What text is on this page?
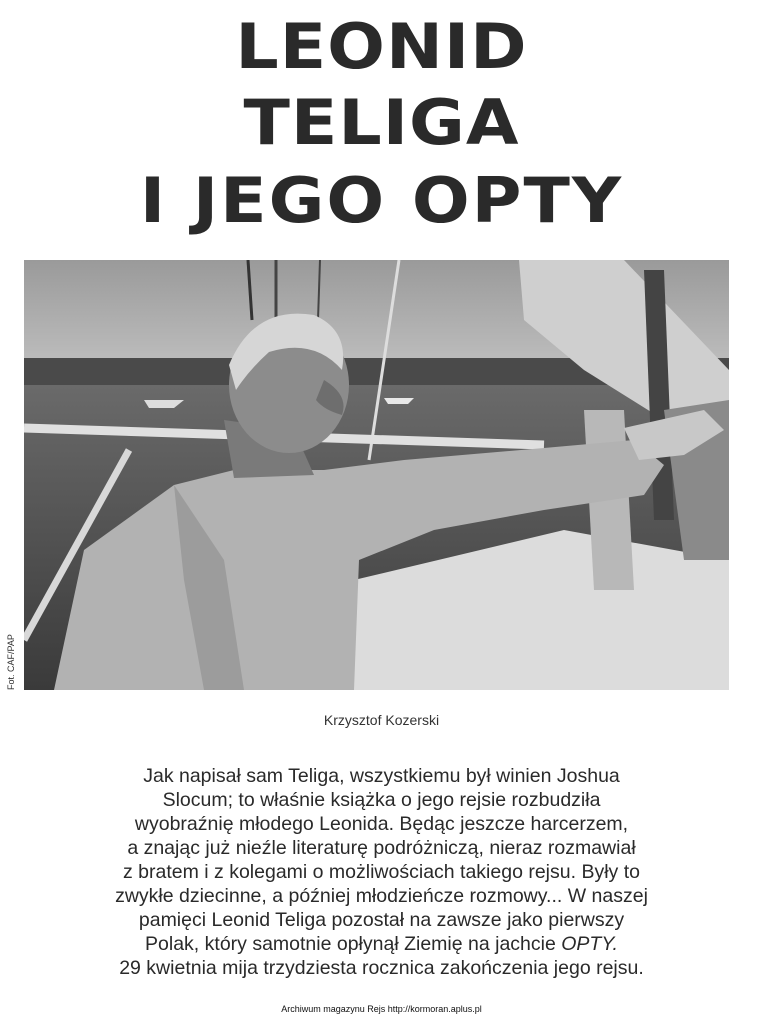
LEONID
TELIGA
I JEGO OPTY
Fot. CAF/PAP
Krzysztof Kozerski
Jak napisał sam Teliga, wszystkiemu był winien Joshua
Slocum; to właśnie książka o jego rejsie rozbudziła
wyobraźnię młodego Leonida. Będąc jeszcze harcerzem,
a znając już nieźle literaturę podróżniczą, nieraz rozmawiał
z bratem i z kolegami o możliwościach takiego rejsu. Były to
zwykłe dziecinne, a później młodzieńcze rozmowy... W naszej
pamięci Leonid Teliga pozostał na zawsze jako pierwszy
Polak, który samotnie opłynął Ziemię na jachcie OPTY.
29 kwietnia mija trzydziesta rocznica zakończenia jego rejsu.
Archiwum magazynu Rejs http://kormoran.aplus.pl
